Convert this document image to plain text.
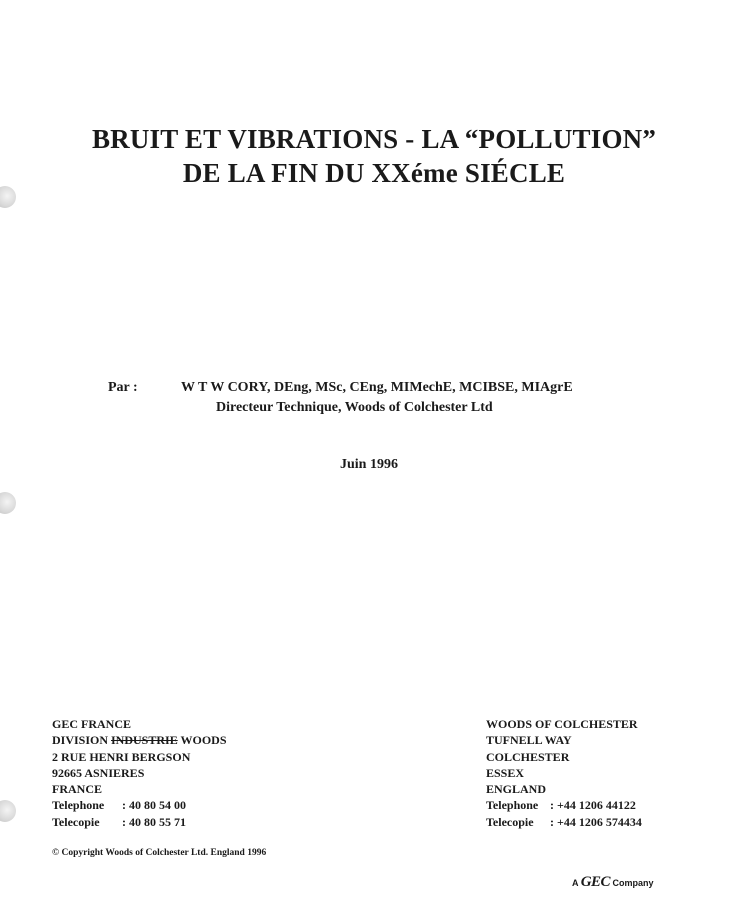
BRUIT ET VIBRATIONS - LA “POLLUTION”
DE LA FIN DU XXéme SIÉCLE
Par :	W T W CORY, DEng, MSc, CEng, MIMechE, MCIBSE, MIAgrE
Directeur Technique, Woods of Colchester Ltd
Juin 1996
GEC FRANCE
DIVISION INDUSTRIE WOODS
2 RUE HENRI BERGSON
92665 ASNIERES
FRANCE
Telephone : 40 80 54 00
Telecopie : 40 80 55 71
WOODS OF COLCHESTER
TUFNELL WAY
COLCHESTER
ESSEX
ENGLAND
Telephone : +44 1206 44122
Telecopie : +44 1206 574434
© Copyright Woods of Colchester Ltd. England 1996
A GEC Company
